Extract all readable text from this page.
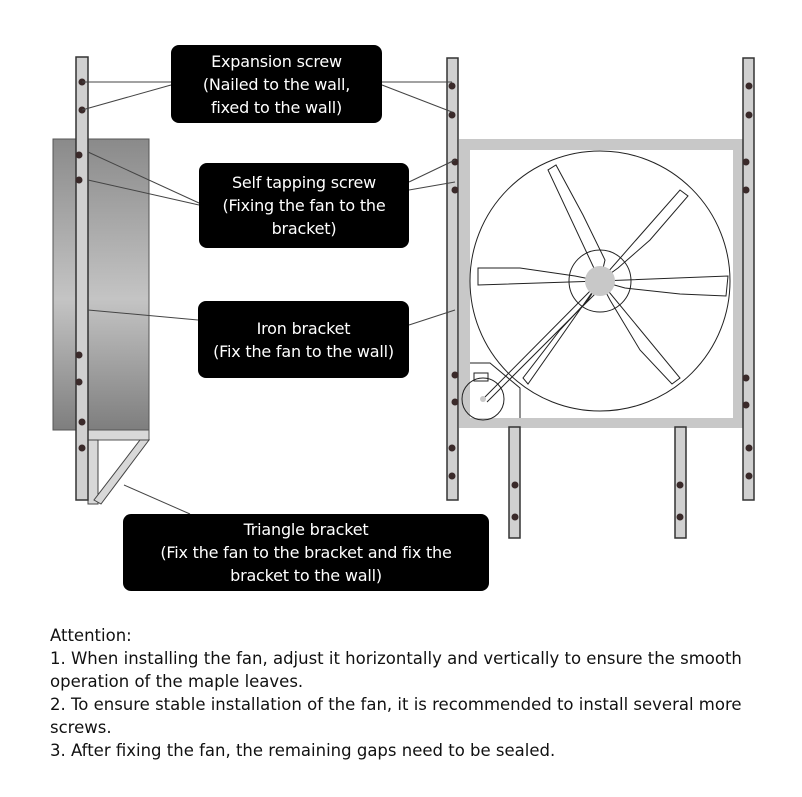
Expansion screw
(Nailed to the wall,
fixed to the wall)
Self tapping screw
(Fixing the fan to the
bracket)
Iron bracket
(Fix the fan to the wall)
Triangle bracket
(Fix the fan to the bracket and fix the
bracket to the wall)
Attention:
1. When installing the fan, adjust it horizontally and vertically to ensure the smooth operation of the maple leaves.
2. To ensure stable installation of the fan, it is recommended to install several more screws.
3. After fixing the fan, the remaining gaps need to be sealed.
